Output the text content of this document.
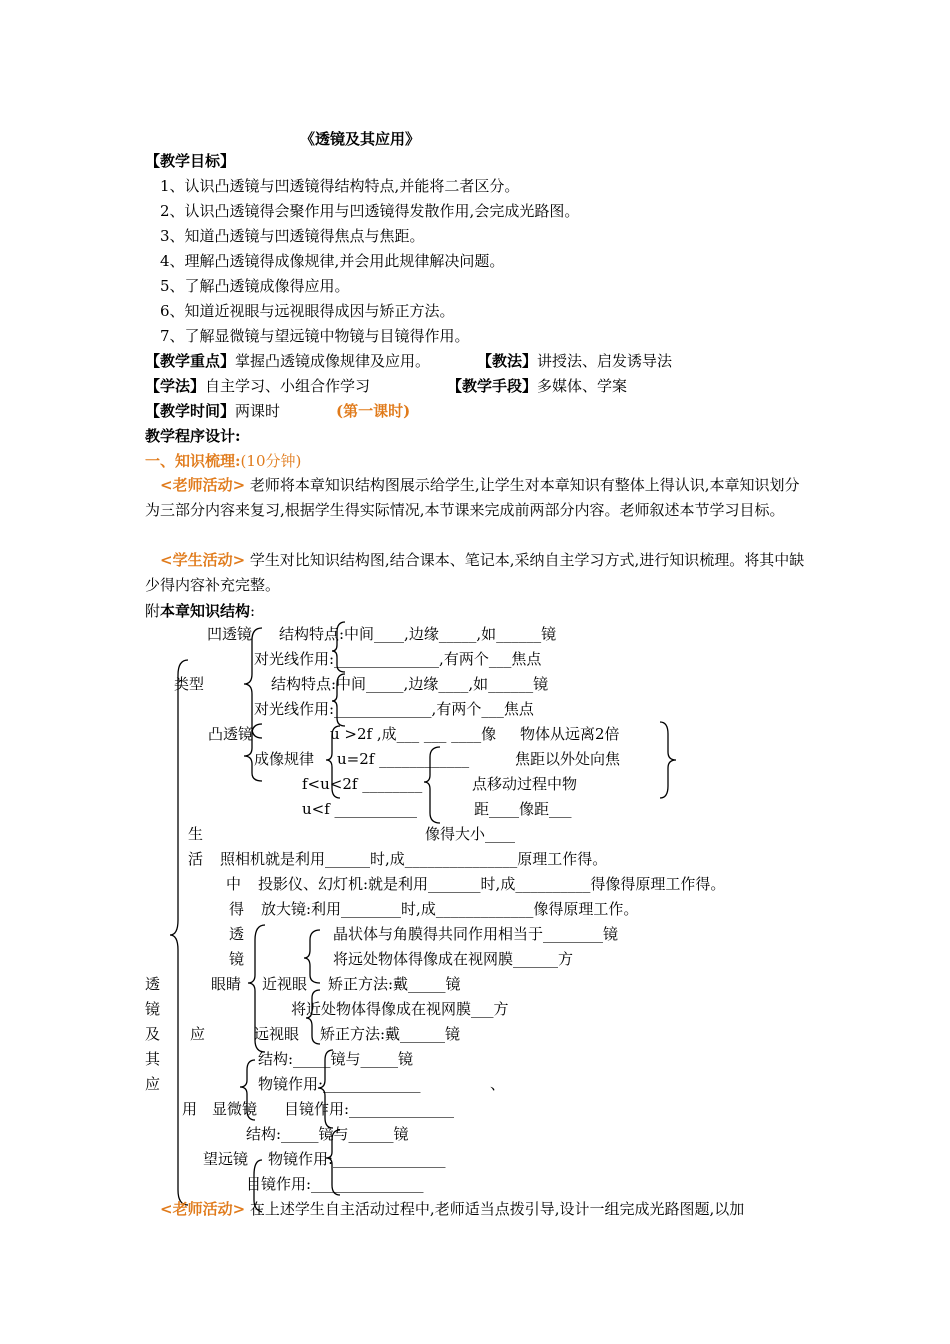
《透镜及其应用》
【教学目标】
1、认识凸透镜与凹透镜得结构特点,并能将二者区分。
2、认识凸透镜得会聚作用与凹透镜得发散作用,会完成光路图。
3、知道凸透镜与凹透镜得焦点与焦距。
4、理解凸透镜得成像规律,并会用此规律解决问题。
5、了解凸透镜成像得应用。
6、知道近视眼与远视眼得成因与矫正方法。
7、了解显微镜与望远镜中物镜与目镜得作用。
【教学重点】掌握凸透镜成像规律及应用。	【教法】讲授法、启发诱导法
【学法】自主学习、小组合作学习	【教学手段】多媒体、学案
【教学时间】两课时	(第一课时)
教学程序设计:
一、知识梳理:(10分钟)
<老师活动> 老师将本章知识结构图展示给学生,让学生对本章知识有整体上得认识,本章知识划分为三部分内容来复习,根据学生得实际情况,本节课来完成前两部分内容。老师叙述本节学习目标。
<学生活动> 学生对比知识结构图,结合课本、笔记本,采纳自主学习方式,进行知识梳理。将其中缺少得内容补充完整。
附本章知识结构:
凹透镜 结构特点:中间____,边缘_____,如______镜
对光线作用:______________,有两个___焦点
类型	结构特点:中间_____,边缘____,如______镜
对光线作用:_____________,有两个___焦点
凸透镜	u >2f ,成___ ___ ____像 物体从远离2倍
成像规律 u=2f ____________	焦距以外处向焦
f<u<2f ________	点移动过程中物
u<f ___________	距____像距___
生	像得大小____
活 照相机就是利用______时,成_______________原理工作得。
中 投影仪、幻灯机:就是利用_______时,成__________得像得原理工作得。
得 放大镜:利用________时,成_____________像得原理工作。
透	晶状体与角膜得共同作用相当于________镜
镜	将远处物体得像成在视网膜______方
透	眼睛 近视眼 矫正方法:戴_____镜
镜	将近处物体得像成在视网膜___方
及 应	远视眼 矫正方法:戴______镜
其	结构:_____镜与_____镜
应	物镜作用:_____________	、
用 显微镜 目镜作用:______________
结构:_____镜与______镜
望远镜 物镜作用:_______________
目镜作用:_______________
<老师活动> 在上述学生自主活动过程中,老师适当点拨引导,设计一组完成光路图题,以加
